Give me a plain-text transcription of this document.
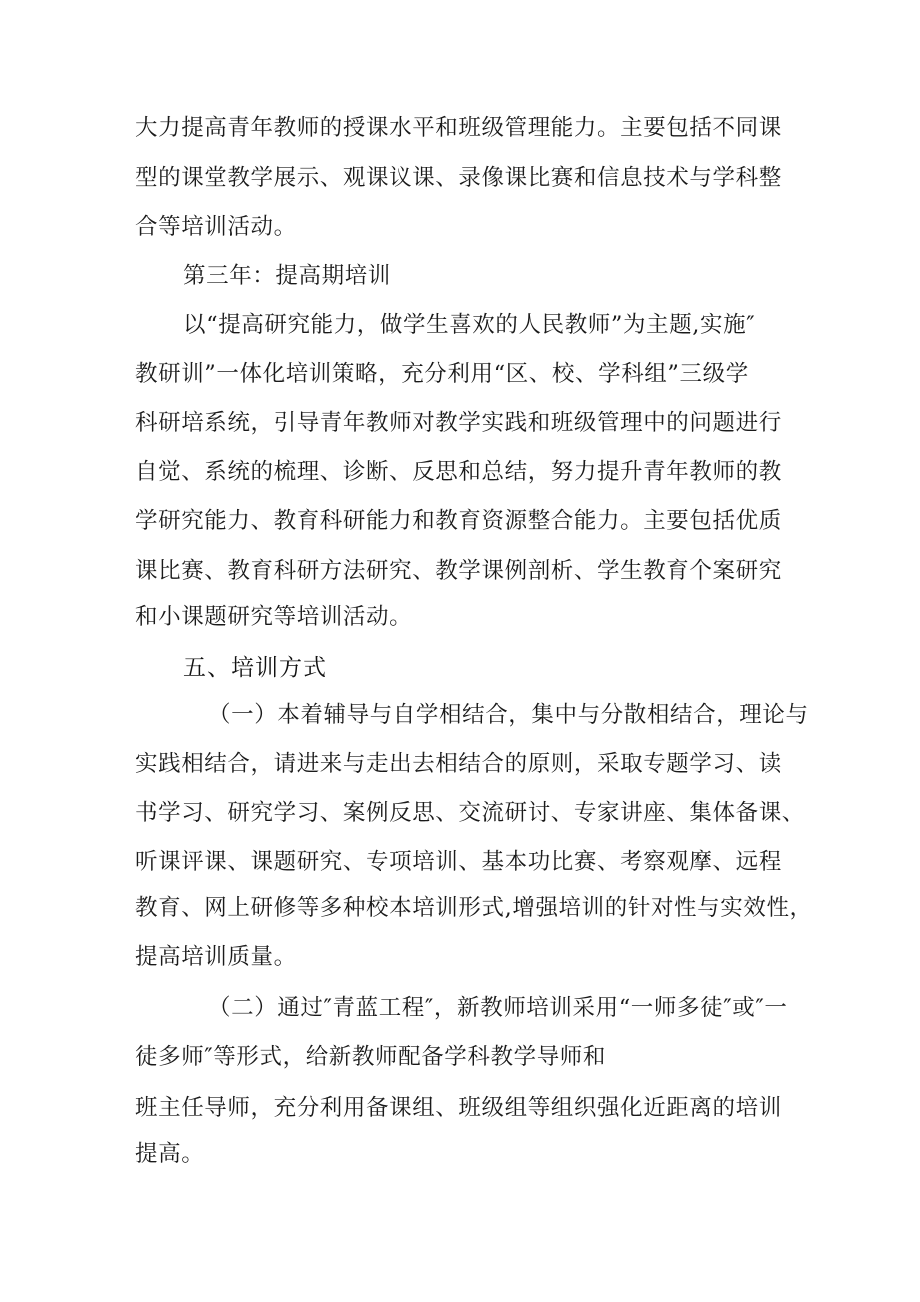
大力提高青年教师的授课水平和班级管理能力。主要包括不同课
型的课堂教学展示、观课议课、录像课比赛和信息技术与学科整
合等培训活动。
第三年：提高期培训
以“提高研究能力，做学生喜欢的人民教师”为主题,实施″
教研训”一体化培训策略，充分利用“区、校、学科组”三级学
科研培系统，引导青年教师对教学实践和班级管理中的问题进行
自觉、系统的梳理、诊断、反思和总结，努力提升青年教师的教
学研究能力、教育科研能力和教育资源整合能力。主要包括优质
课比赛、教育科研方法研究、教学课例剖析、学生教育个案研究
和小课题研究等培训活动。
五、培训方式
（一）本着辅导与自学相结合，集中与分散相结合，理论与
实践相结合，请进来与走出去相结合的原则，采取专题学习、读
书学习、研究学习、案例反思、交流研讨、专家讲座、集体备课、
听课评课、课题研究、专项培训、基本功比赛、考察观摩、远程
教育、网上研修等多种校本培训形式,增强培训的针对性与实效性，
提高培训质量。
（二）通过″青蓝工程″，新教师培训采用“一师多徒″或″一
徒多师″等形式，给新教师配备学科教学导师和
班主任导师，充分利用备课组、班级组等组织强化近距离的培训
提高。
